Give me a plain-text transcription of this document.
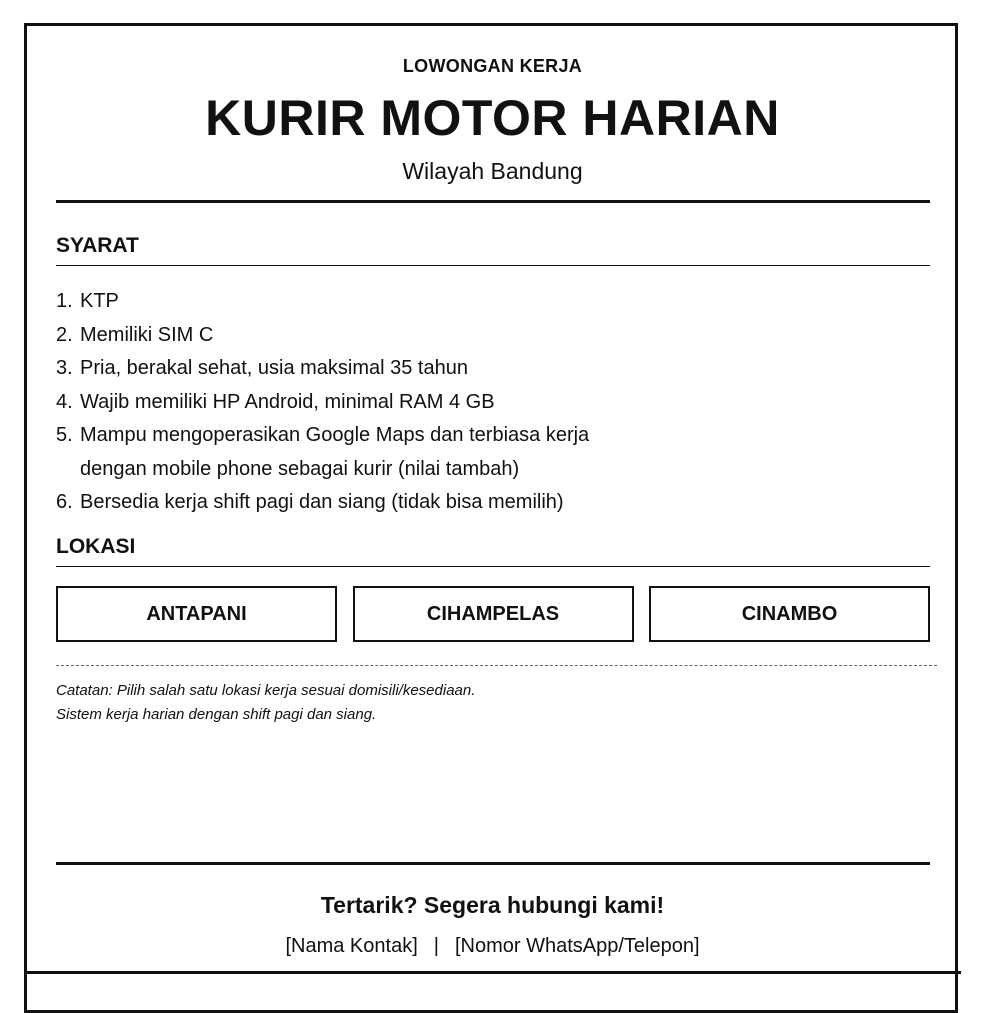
LOWONGAN KERJA
KURIR MOTOR HARIAN
Wilayah Bandung
SYARAT
1. KTP
2. Memiliki SIM C
3. Pria, berakal sehat, usia maksimal 35 tahun
4. Wajib memiliki HP Android, minimal RAM 4 GB
5. Mampu mengoperasikan Google Maps dan terbiasa kerja dengan mobile phone sebagai kurir (nilai tambah)
6. Bersedia kerja shift pagi dan siang (tidak bisa memilih)
LOKASI
ANTAPANI	CIHAMPELAS	CINAMBO
Catatan: Pilih salah satu lokasi kerja sesuai domisili/kesediaan.
Sistem kerja harian dengan shift pagi dan siang.
Tertarik? Segera hubungi kami!
[Nama Kontak] | [Nomor WhatsApp/Telepon]
